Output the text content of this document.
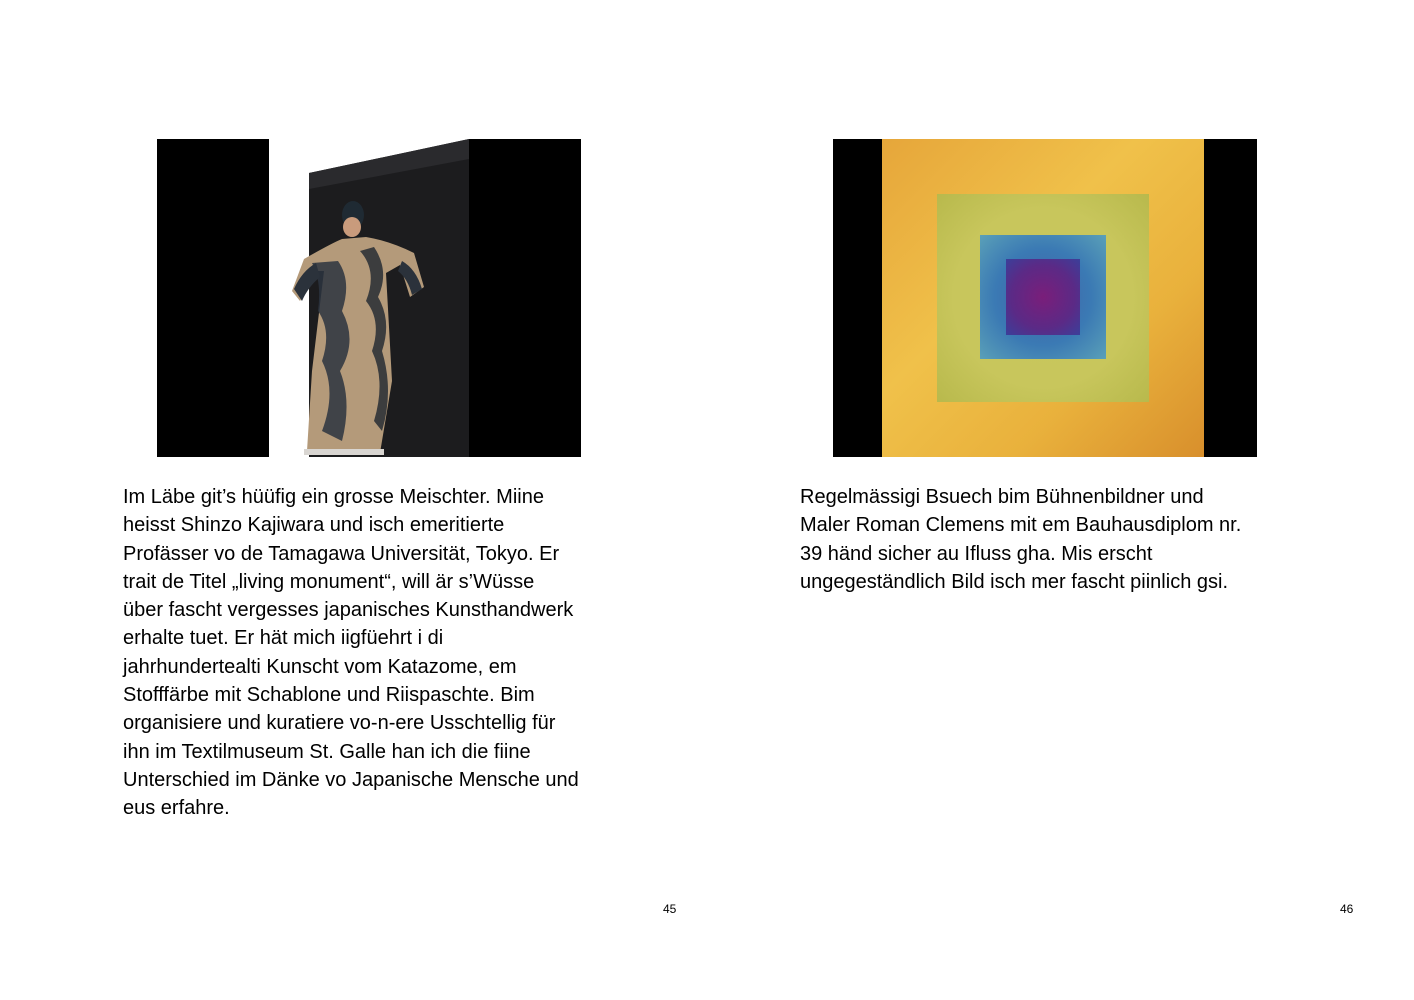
Im Läbe git’s hüüfig ein grosse Meischter. Miine
heisst Shinzo Kajiwara und isch emeritierte
Profässer vo de Tamagawa Universität, Tokyo. Er
trait de Titel „living monument“, will är s’Wüsse
über fascht vergesses japanisches Kunsthandwerk
erhalte tuet. Er hät mich iigfüehrt i di
jahrhundertealti Kunscht vom Katazome, em
Stofffärbe mit Schablone und Riispaschte. Bim
organisiere und kuratiere vo-n-ere Usschtellig für
ihn im Textilmuseum St. Galle han ich die fiine
Unterschied im Dänke vo Japanische Mensche und
eus erfahre.
45
Regelmässigi Bsuech bim Bühnenbildner und
Maler Roman Clemens mit em Bauhausdiplom nr.
39 händ sicher au Ifluss gha. Mis erscht
ungegeständlich Bild isch mer fascht piinlich gsi.
46
